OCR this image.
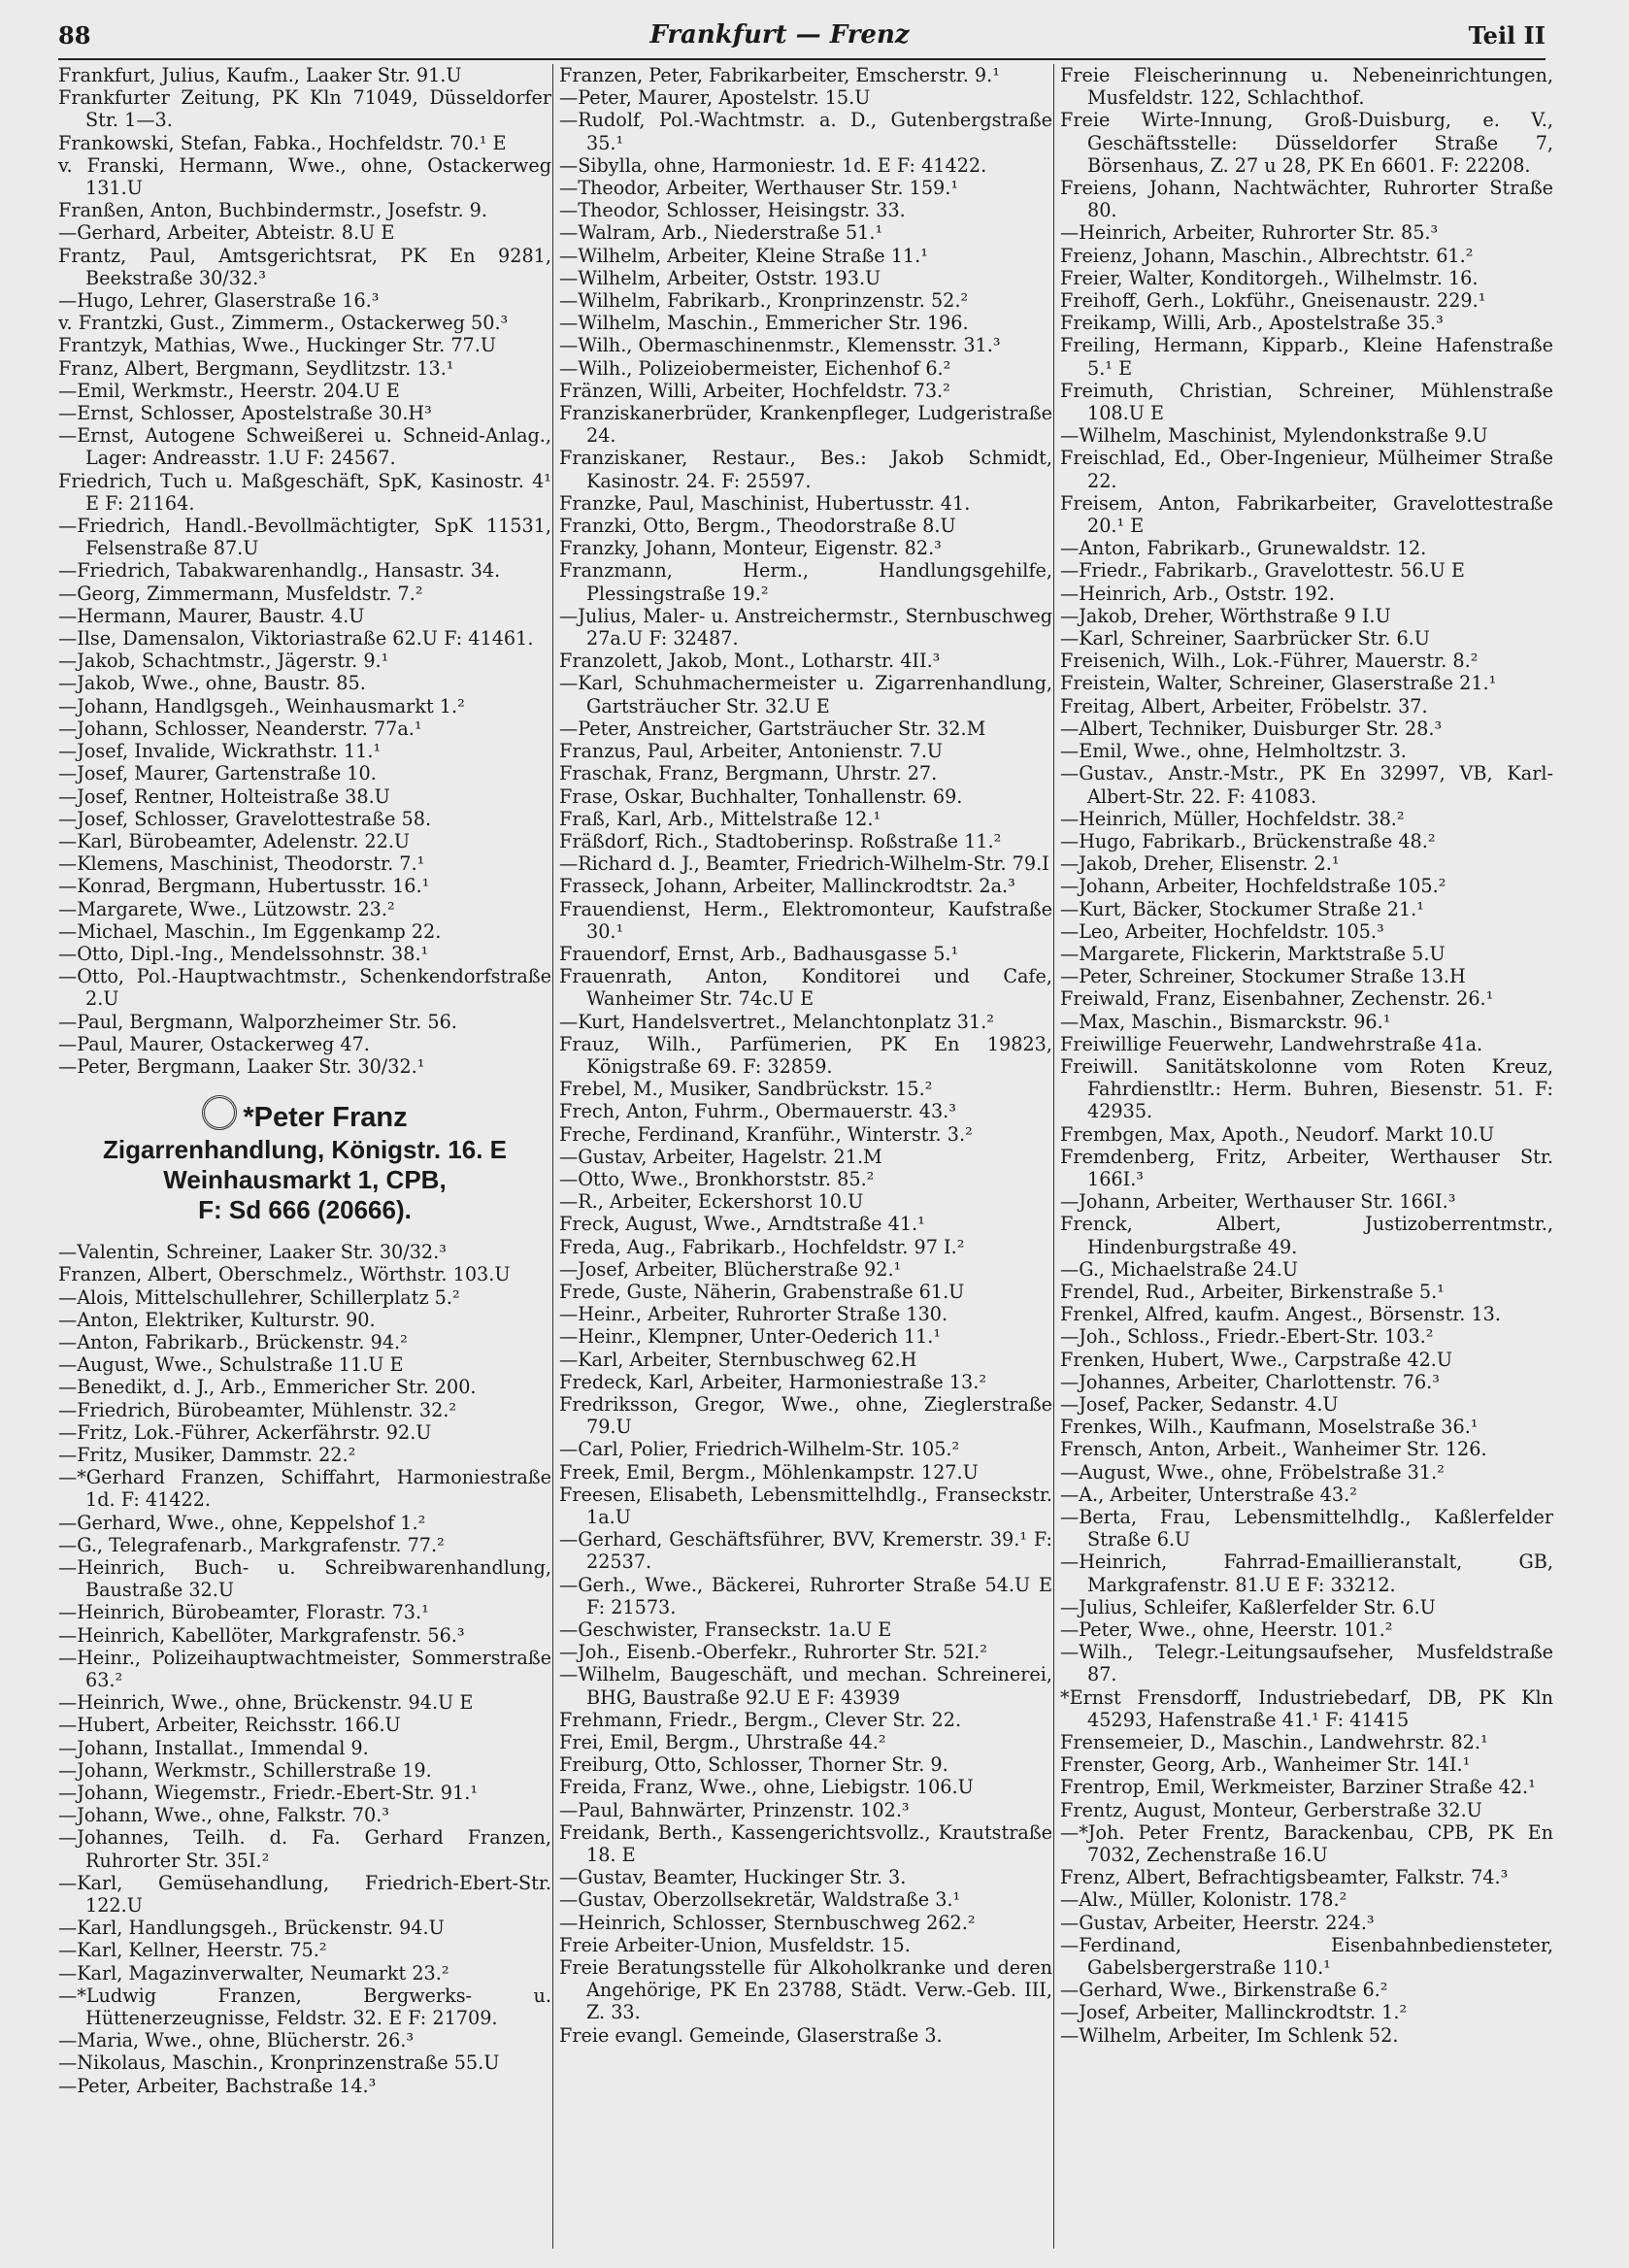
88	Frankfurt — Frenz	Teil II

Frankfurt, Julius, Kaufm., Laaker Str. 91.U

Frankfurter Zeitung, PK Kln 71049, Düsseldorfer Str. 1—3.

Frankowski, Stefan, Fabka., Hochfeldstr. 70.¹ E

v. Franski, Hermann, Wwe., ohne, Ostackerweg 131.U

Franßen, Anton, Buchbindermstr., Josefstr. 9.

—Gerhard, Arbeiter, Abteistr. 8.U E

Frantz, Paul, Amtsgerichtsrat, PK En 9281, Beekstraße 30/32.³

—Hugo, Lehrer, Glaserstraße 16.³

v. Frantzki, Gust., Zimmerm., Ostackerweg 50.³

Frantzyk, Mathias, Wwe., Huckinger Str. 77.U

Franz, Albert, Bergmann, Seydlitzstr. 13.¹

—Emil, Werkmstr., Heerstr. 204.U E

—Ernst, Schlosser, Apostelstraße 30.H³

—Ernst, Autogene Schweißerei u. Schneid-Anlag., Lager: Andreasstr. 1.U F: 24567.

Friedrich, Tuch u. Maßgeschäft, SpK, Kasinostr. 4¹ E F: 21164.

—Friedrich, Handl.-Bevollmächtigter, SpK 11531, Felsenstraße 87.U

—Friedrich, Tabakwarenhandlg., Hansastr. 34.

—Georg, Zimmermann, Musfeldstr. 7.²

—Hermann, Maurer, Baustr. 4.U

—Ilse, Damensalon, Viktoriastraße 62.U F: 41461.

—Jakob, Schachtmstr., Jägerstr. 9.¹

—Jakob, Wwe., ohne, Baustr. 85.

—Johann, Handlgsgeh., Weinhausmarkt 1.²

—Johann, Schlosser, Neanderstr. 77a.¹

—Josef, Invalide, Wickrathstr. 11.¹

—Josef, Maurer, Gartenstraße 10.

—Josef, Rentner, Holteistraße 38.U

—Josef, Schlosser, Gravelottestraße 58.

—Karl, Bürobeamter, Adelenstr. 22.U

—Klemens, Maschinist, Theodorstr. 7.¹

—Konrad, Bergmann, Hubertusstr. 16.¹

—Margarete, Wwe., Lützowstr. 23.²

—Michael, Maschin., Im Eggenkamp 22.

—Otto, Dipl.-Ing., Mendelssohnstr. 38.¹

—Otto, Pol.-Hauptwachtmstr., Schenkendorfstraße 2.U

—Paul, Bergmann, Walporzheimer Str. 56.

—Paul, Maurer, Ostackerweg 47.

—Peter, Bergmann, Laaker Str. 30/32.¹

*Peter Franz
Zigarrenhandlung, Königstr. 16. E
Weinhausmarkt 1, CPB,
F: Sd 666 (20666).

—Valentin, Schreiner, Laaker Str. 30/32.³

Franzen, Albert, Oberschmelz., Wörthstr. 103.U

—Alois, Mittelschullehrer, Schillerplatz 5.²

—Anton, Elektriker, Kulturstr. 90.

—Anton, Fabrikarb., Brückenstr. 94.²

—August, Wwe., Schulstraße 11.U E

—Benedikt, d. J., Arb., Emmericher Str. 200.

—Friedrich, Bürobeamter, Mühlenstr. 32.²

—Fritz, Lok.-Führer, Ackerfährstr. 92.U

—Fritz, Musiker, Dammstr. 22.²

—*Gerhard Franzen, Schiffahrt, Harmoniestraße 1d. F: 41422.

—Gerhard, Wwe., ohne, Keppelshof 1.²

—G., Telegrafenarb., Markgrafenstr. 77.²

—Heinrich, Buch- u. Schreibwarenhandlung, Baustraße 32.U

—Heinrich, Bürobeamter, Florastr. 73.¹

—Heinrich, Kabellöter, Markgrafenstr. 56.³

—Heinr., Polizeihauptwachtmeister, Sommerstraße 63.²

—Heinrich, Wwe., ohne, Brückenstr. 94.U E

—Hubert, Arbeiter, Reichsstr. 166.U

—Johann, Installat., Immendal 9.

—Johann, Werkmstr., Schillerstraße 19.

—Johann, Wiegemstr., Friedr.-Ebert-Str. 91.¹

—Johann, Wwe., ohne, Falkstr. 70.³

—Johannes, Teilh. d. Fa. Gerhard Franzen, Ruhrorter Str. 35I.²

—Karl, Gemüsehandlung, Friedrich-Ebert-Str. 122.U

—Karl, Handlungsgeh., Brückenstr. 94.U

—Karl, Kellner, Heerstr. 75.²

—Karl, Magazinverwalter, Neumarkt 23.²

—*Ludwig Franzen, Bergwerks- u. Hüttenerzeugnisse, Feldstr. 32. E F: 21709.

—Maria, Wwe., ohne, Blücherstr. 26.³

—Nikolaus, Maschin., Kronprinzenstraße 55.U

—Peter, Arbeiter, Bachstraße 14.³

Franzen, Peter, Fabrikarbeiter, Emscherstr. 9.¹

—Peter, Maurer, Apostelstr. 15.U

—Rudolf, Pol.-Wachtmstr. a. D., Gutenbergstraße 35.¹

—Sibylla, ohne, Harmoniestr. 1d. E F: 41422.

—Theodor, Arbeiter, Werthauser Str. 159.¹

—Theodor, Schlosser, Heisingstr. 33.

—Walram, Arb., Niederstraße 51.¹

—Wilhelm, Arbeiter, Kleine Straße 11.¹

—Wilhelm, Arbeiter, Oststr. 193.U

—Wilhelm, Fabrikarb., Kronprinzenstr. 52.²

—Wilhelm, Maschin., Emmericher Str. 196.

—Wilh., Obermaschinenmstr., Klemensstr. 31.³

—Wilh., Polizeiobermeister, Eichenhof 6.²

Fränzen, Willi, Arbeiter, Hochfeldstr. 73.²

Franziskanerbrüder, Krankenpfleger, Ludgeristraße 24.

Franziskaner, Restaur., Bes.: Jakob Schmidt, Kasinostr. 24. F: 25597.

Franzke, Paul, Maschinist, Hubertusstr. 41.

Franzki, Otto, Bergm., Theodorstraße 8.U

Franzky, Johann, Monteur, Eigenstr. 82.³

Franzmann, Herm., Handlungsgehilfe, Plessingstraße 19.²

—Julius, Maler- u. Anstreichermstr., Sternbuschweg 27a.U F: 32487.

Franzolett, Jakob, Mont., Lotharstr. 4II.³

—Karl, Schuhmachermeister u. Zigarrenhandlung, Gartsträucher Str. 32.U E

—Peter, Anstreicher, Gartsträucher Str. 32.M

Franzus, Paul, Arbeiter, Antonienstr. 7.U

Fraschak, Franz, Bergmann, Uhrstr. 27.

Frase, Oskar, Buchhalter, Tonhallenstr. 69.

Fraß, Karl, Arb., Mittelstraße 12.¹

Fräßdorf, Rich., Stadtoberinsp. Roßstraße 11.²

—Richard d. J., Beamter, Friedrich-Wilhelm-Str. 79.I

Frasseck, Johann, Arbeiter, Mallinckrodtstr. 2a.³

Frauendienst, Herm., Elektromonteur, Kaufstraße 30.¹

Frauendorf, Ernst, Arb., Badhausgasse 5.¹

Frauenrath, Anton, Konditorei und Cafe, Wanheimer Str. 74c.U E

—Kurt, Handelsvertret., Melanchtonplatz 31.²

Frauz, Wilh., Parfümerien, PK En 19823, Königstraße 69. F: 32859.

Frebel, M., Musiker, Sandbrückstr. 15.²

Frech, Anton, Fuhrm., Obermauerstr. 43.³

Freche, Ferdinand, Kranführ., Winterstr. 3.²

—Gustav, Arbeiter, Hagelstr. 21.M

—Otto, Wwe., Bronkhorststr. 85.²

—R., Arbeiter, Eckershorst 10.U

Freck, August, Wwe., Arndtstraße 41.¹

Freda, Aug., Fabrikarb., Hochfeldstr. 97 I.²

—Josef, Arbeiter, Blücherstraße 92.¹

Frede, Guste, Näherin, Grabenstraße 61.U

—Heinr., Arbeiter, Ruhrorter Straße 130.

—Heinr., Klempner, Unter-Oederich 11.¹

—Karl, Arbeiter, Sternbuschweg 62.H

Fredeck, Karl, Arbeiter, Harmoniestraße 13.²

Fredriksson, Gregor, Wwe., ohne, Zieglerstraße 79.U

—Carl, Polier, Friedrich-Wilhelm-Str. 105.²

Freek, Emil, Bergm., Möhlenkampstr. 127.U

Freesen, Elisabeth, Lebensmittelhdlg., Franseckstr. 1a.U

—Gerhard, Geschäftsführer, BVV, Kremerstr. 39.¹ F: 22537.

—Gerh., Wwe., Bäckerei, Ruhrorter Straße 54.U E F: 21573.

—Geschwister, Franseckstr. 1a.U E

—Joh., Eisenb.-Oberfekr., Ruhrorter Str. 52I.²

—Wilhelm, Baugeschäft, und mechan. Schreinerei, BHG, Baustraße 92.U E F: 43939

Frehmann, Friedr., Bergm., Clever Str. 22.

Frei, Emil, Bergm., Uhrstraße 44.²

Freiburg, Otto, Schlosser, Thorner Str. 9.

Freida, Franz, Wwe., ohne, Liebigstr. 106.U

—Paul, Bahnwärter, Prinzenstr. 102.³

Freidank, Berth., Kassengerichtsvollz., Krautstraße 18. E

—Gustav, Beamter, Huckinger Str. 3.

—Gustav, Oberzollsekretär, Waldstraße 3.¹

—Heinrich, Schlosser, Sternbuschweg 262.²

Freie Arbeiter-Union, Musfeldstr. 15.

Freie Beratungsstelle für Alkoholkranke und deren Angehörige, PK En 23788, Städt. Verw.-Geb. III, Z. 33.

Freie evangl. Gemeinde, Glaserstraße 3.

Freie Fleischerinnung u. Nebeneinrichtungen, Musfeldstr. 122, Schlachthof.

Freie Wirte-Innung, Groß-Duisburg, e. V., Geschäftsstelle: Düsseldorfer Straße 7, Börsenhaus, Z. 27 u 28, PK En 6601. F: 22208.

Freiens, Johann, Nachtwächter, Ruhrorter Straße 80.

—Heinrich, Arbeiter, Ruhrorter Str. 85.³

Freienz, Johann, Maschin., Albrechtstr. 61.²

Freier, Walter, Konditorgeh., Wilhelmstr. 16.

Freihoff, Gerh., Lokführ., Gneisenaustr. 229.¹

Freikamp, Willi, Arb., Apostelstraße 35.³

Freiling, Hermann, Kipparb., Kleine Hafenstraße 5.¹ E

Freimuth, Christian, Schreiner, Mühlenstraße 108.U E

—Wilhelm, Maschinist, Mylendonkstraße 9.U

Freischlad, Ed., Ober-Ingenieur, Mülheimer Straße 22.

Freisem, Anton, Fabrikarbeiter, Gravelottestraße 20.¹ E

—Anton, Fabrikarb., Grunewaldstr. 12.

—Friedr., Fabrikarb., Gravelottestr. 56.U E

—Heinrich, Arb., Oststr. 192.

—Jakob, Dreher, Wörthstraße 9 I.U

—Karl, Schreiner, Saarbrücker Str. 6.U

Freisenich, Wilh., Lok.-Führer, Mauerstr. 8.²

Freistein, Walter, Schreiner, Glaserstraße 21.¹

Freitag, Albert, Arbeiter, Fröbelstr. 37.

—Albert, Techniker, Duisburger Str. 28.³

—Emil, Wwe., ohne, Helmholtzstr. 3.

—Gustav., Anstr.-Mstr., PK En 32997, VB, Karl-Albert-Str. 22. F: 41083.

—Heinrich, Müller, Hochfeldstr. 38.²

—Hugo, Fabrikarb., Brückenstraße 48.²

—Jakob, Dreher, Elisenstr. 2.¹

—Johann, Arbeiter, Hochfeldstraße 105.²

—Kurt, Bäcker, Stockumer Straße 21.¹

—Leo, Arbeiter, Hochfeldstr. 105.³

—Margarete, Flickerin, Marktstraße 5.U

—Peter, Schreiner, Stockumer Straße 13.H

Freiwald, Franz, Eisenbahner, Zechenstr. 26.¹

—Max, Maschin., Bismarckstr. 96.¹

Freiwillige Feuerwehr, Landwehrstraße 41a.

Freiwill. Sanitätskolonne vom Roten Kreuz, Fahrdienstltr.: Herm. Buhren, Biesenstr. 51. F: 42935.

Frembgen, Max, Apoth., Neudorf. Markt 10.U

Fremdenberg, Fritz, Arbeiter, Werthauser Str. 166I.³

—Johann, Arbeiter, Werthauser Str. 166I.³

Frenck, Albert, Justizoberrentmstr., Hindenburgstraße 49.

—G., Michaelstraße 24.U

Frendel, Rud., Arbeiter, Birkenstraße 5.¹

Frenkel, Alfred, kaufm. Angest., Börsenstr. 13.

—Joh., Schloss., Friedr.-Ebert-Str. 103.²

Frenken, Hubert, Wwe., Carpstraße 42.U

—Johannes, Arbeiter, Charlottenstr. 76.³

—Josef, Packer, Sedanstr. 4.U

Frenkes, Wilh., Kaufmann, Moselstraße 36.¹

Frensch, Anton, Arbeit., Wanheimer Str. 126.

—August, Wwe., ohne, Fröbelstraße 31.²

—A., Arbeiter, Unterstraße 43.²

—Berta, Frau, Lebensmittelhdlg., Kaßlerfelder Straße 6.U

—Heinrich, Fahrrad-Emaillieranstalt, GB, Markgrafenstr. 81.U E F: 33212.

—Julius, Schleifer, Kaßlerfelder Str. 6.U

—Peter, Wwe., ohne, Heerstr. 101.²

—Wilh., Telegr.-Leitungsaufseher, Musfeldstraße 87.

*Ernst Frensdorff, Industriebedarf, DB, PK Kln 45293, Hafenstraße 41.¹ F: 41415

Frensemeier, D., Maschin., Landwehrstr. 82.¹

Frenster, Georg, Arb., Wanheimer Str. 14I.¹

Frentrop, Emil, Werkmeister, Barziner Straße 42.¹

Frentz, August, Monteur, Gerberstraße 32.U

—*Joh. Peter Frentz, Barackenbau, CPB, PK En 7032, Zechenstraße 16.U

Frenz, Albert, Befrachtigsbeamter, Falkstr. 74.³

—Alw., Müller, Kolonistr. 178.²

—Gustav, Arbeiter, Heerstr. 224.³

—Ferdinand, Eisenbahnbediensteter, Gabelsbergerstraße 110.¹

—Gerhard, Wwe., Birkenstraße 6.²

—Josef, Arbeiter, Mallinckrodtstr. 1.²

—Wilhelm, Arbeiter, Im Schlenk 52.
